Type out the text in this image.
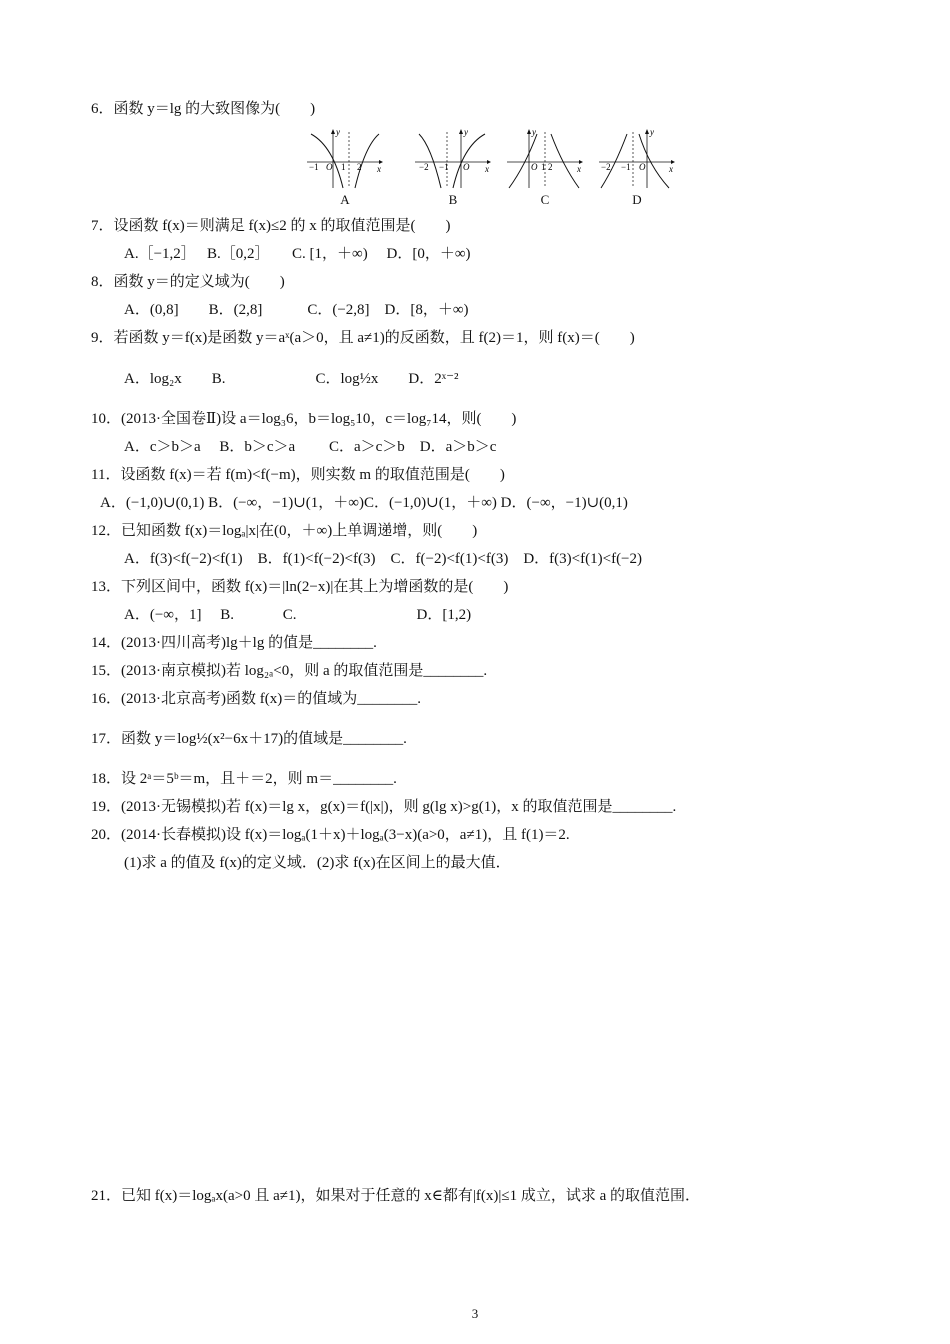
6．函数 y＝lg 的大致图像为(　　)
−1 O 1 2 x
y
A
−2 −1 O x
y
B
O 1 2	x
y
C
−2 −1 O	x
y
D
7．设函数 f(x)＝则满足 f(x)≤2 的 x 的取值范围是(　　)
A.［−1,2］　 B.［0,2］　　C. [1，＋∞)　 D．[0，＋∞)
8．函数 y＝的定义域为(　　)
A．(0,8]　　B．(2,8]　　　C．(−2,8]　D．[8，＋∞)
9．若函数 y＝f(x)是函数 y＝aˣ(a＞0，且 a≠1)的反函数，且 f(2)＝1，则 f(x)＝(　　)
A．log₂x　　B.　　　　　　C．log½x　　D．2ˣ⁻²
10．(2013·全国卷Ⅱ)设 a＝log₃6，b＝log₅10，c＝log₇14，则(　　)
A．c＞b＞a　 B．b＞c＞a　　 C．a＞c＞b　D．a＞b＞c
11．设函数 f(x)＝若 f(m)<f(−m)，则实数 m 的取值范围是(　　)
A．(−1,0)∪(0,1) B．(−∞，−1)∪(1，＋∞)C．(−1,0)∪(1，＋∞) D．(−∞，−1)∪(0,1)
12．已知函数 f(x)＝logₐ|x|在(0，＋∞)上单调递增，则(　　)
A．f(3)<f(−2)<f(1)　B．f(1)<f(−2)<f(3)　C．f(−2)<f(1)<f(3)　D．f(3)<f(1)<f(−2)
13．下列区间中，函数 f(x)＝|ln(2−x)|在其上为增函数的是(　　)
A．(−∞，1]　 B.　　　 C.　　　　　　　　D．[1,2)
14．(2013·四川高考)lg＋lg 的值是________.
15．(2013·南京模拟)若 log₂ₐ<0，则 a 的取值范围是________.
16．(2013·北京高考)函数 f(x)＝的值域为________.
17．函数 y＝log½(x²−6x＋17)的值域是________.
18．设 2ᵃ＝5ᵇ＝m，且＋＝2，则 m＝________.
19．(2013·无锡模拟)若 f(x)＝lg x，g(x)＝f(|x|)，则 g(lg x)>g(1)，x 的取值范围是________.
20．(2014·长春模拟)设 f(x)＝logₐ(1＋x)＋logₐ(3−x)(a>0，a≠1)，且 f(1)＝2.
(1)求 a 的值及 f(x)的定义域．(2)求 f(x)在区间上的最大值．
21．已知 f(x)＝logₐx(a>0 且 a≠1)，如果对于任意的 x∈都有|f(x)|≤1 成立，试求 a 的取值范围．
3
